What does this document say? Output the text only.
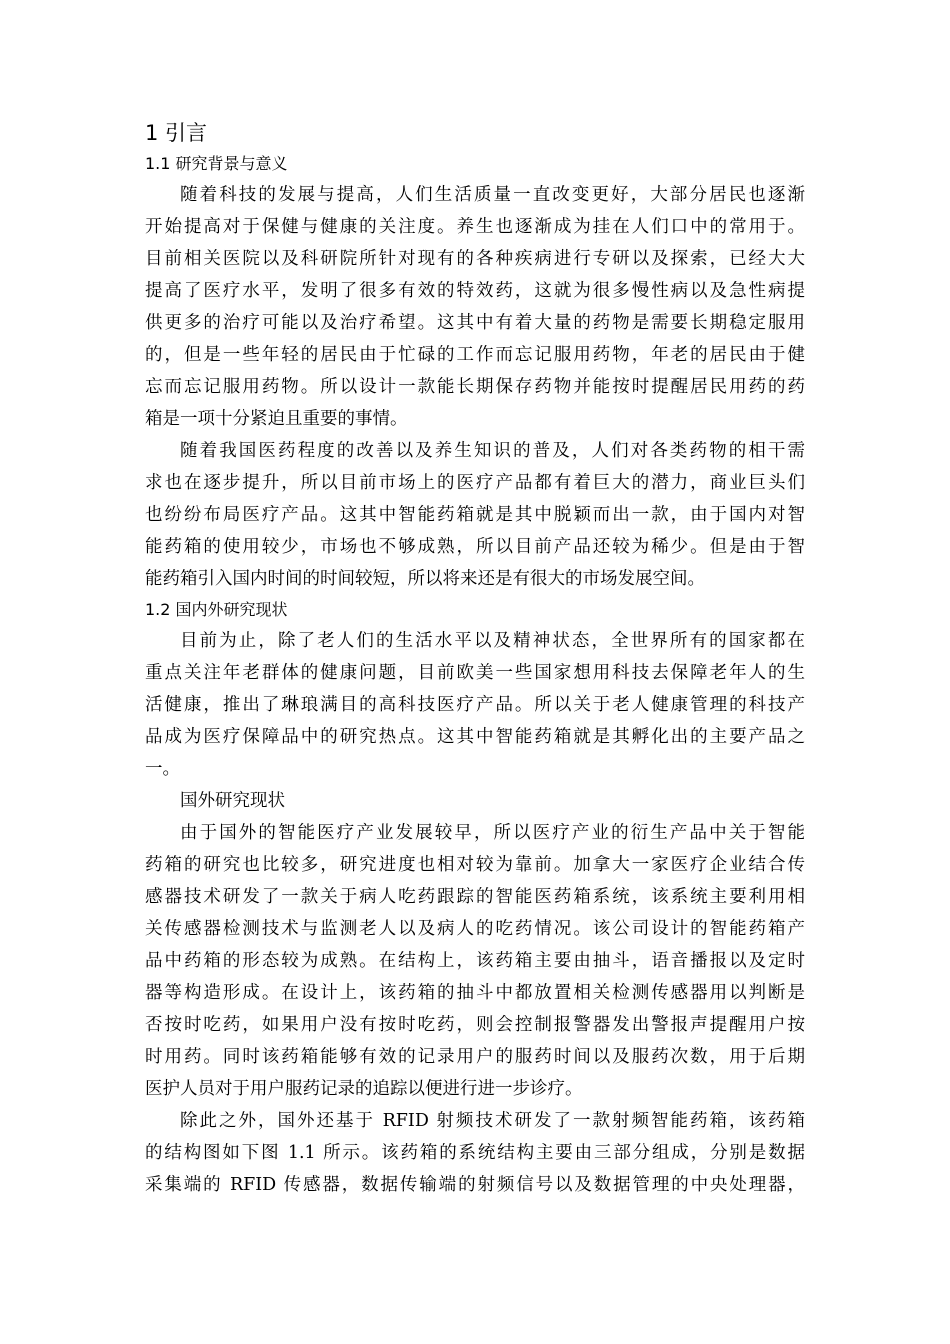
1 引言
1.1 研究背景与意义
随着科技的发展与提高，人们生活质量一直改变更好，大部分居民也逐渐
开始提高对于保健与健康的关注度。养生也逐渐成为挂在人们口中的常用于。
目前相关医院以及科研院所针对现有的各种疾病进行专研以及探索，已经大大
提高了医疗水平，发明了很多有效的特效药，这就为很多慢性病以及急性病提
供更多的治疗可能以及治疗希望。这其中有着大量的药物是需要长期稳定服用
的，但是一些年轻的居民由于忙碌的工作而忘记服用药物，年老的居民由于健
忘而忘记服用药物。所以设计一款能长期保存药物并能按时提醒居民用药的药
箱是一项十分紧迫且重要的事情。
随着我国医药程度的改善以及养生知识的普及，人们对各类药物的相干需
求也在逐步提升，所以目前市场上的医疗产品都有着巨大的潜力，商业巨头们
也纷纷布局医疗产品。这其中智能药箱就是其中脱颖而出一款，由于国内对智
能药箱的使用较少，市场也不够成熟，所以目前产品还较为稀少。但是由于智
能药箱引入国内时间的时间较短，所以将来还是有很大的市场发展空间。
1.2 国内外研究现状
目前为止，除了老人们的生活水平以及精神状态，全世界所有的国家都在
重点关注年老群体的健康问题，目前欧美一些国家想用科技去保障老年人的生
活健康，推出了琳琅满目的高科技医疗产品。所以关于老人健康管理的科技产
品成为医疗保障品中的研究热点。这其中智能药箱就是其孵化出的主要产品之
一。
国外研究现状
由于国外的智能医疗产业发展较早，所以医疗产业的衍生产品中关于智能
药箱的研究也比较多，研究进度也相对较为靠前。加拿大一家医疗企业结合传
感器技术研发了一款关于病人吃药跟踪的智能医药箱系统，该系统主要利用相
关传感器检测技术与监测老人以及病人的吃药情况。该公司设计的智能药箱产
品中药箱的形态较为成熟。在结构上，该药箱主要由抽斗，语音播报以及定时
器等构造形成。在设计上，该药箱的抽斗中都放置相关检测传感器用以判断是
否按时吃药，如果用户没有按时吃药，则会控制报警器发出警报声提醒用户按
时用药。同时该药箱能够有效的记录用户的服药时间以及服药次数，用于后期
医护人员对于用户服药记录的追踪以便进行进一步诊疗。
除此之外，国外还基于 RFID 射频技术研发了一款射频智能药箱，该药箱
的结构图如下图 1.1 所示。该药箱的系统结构主要由三部分组成，分别是数据
采集端的 RFID 传感器，数据传输端的射频信号以及数据管理的中央处理器，
